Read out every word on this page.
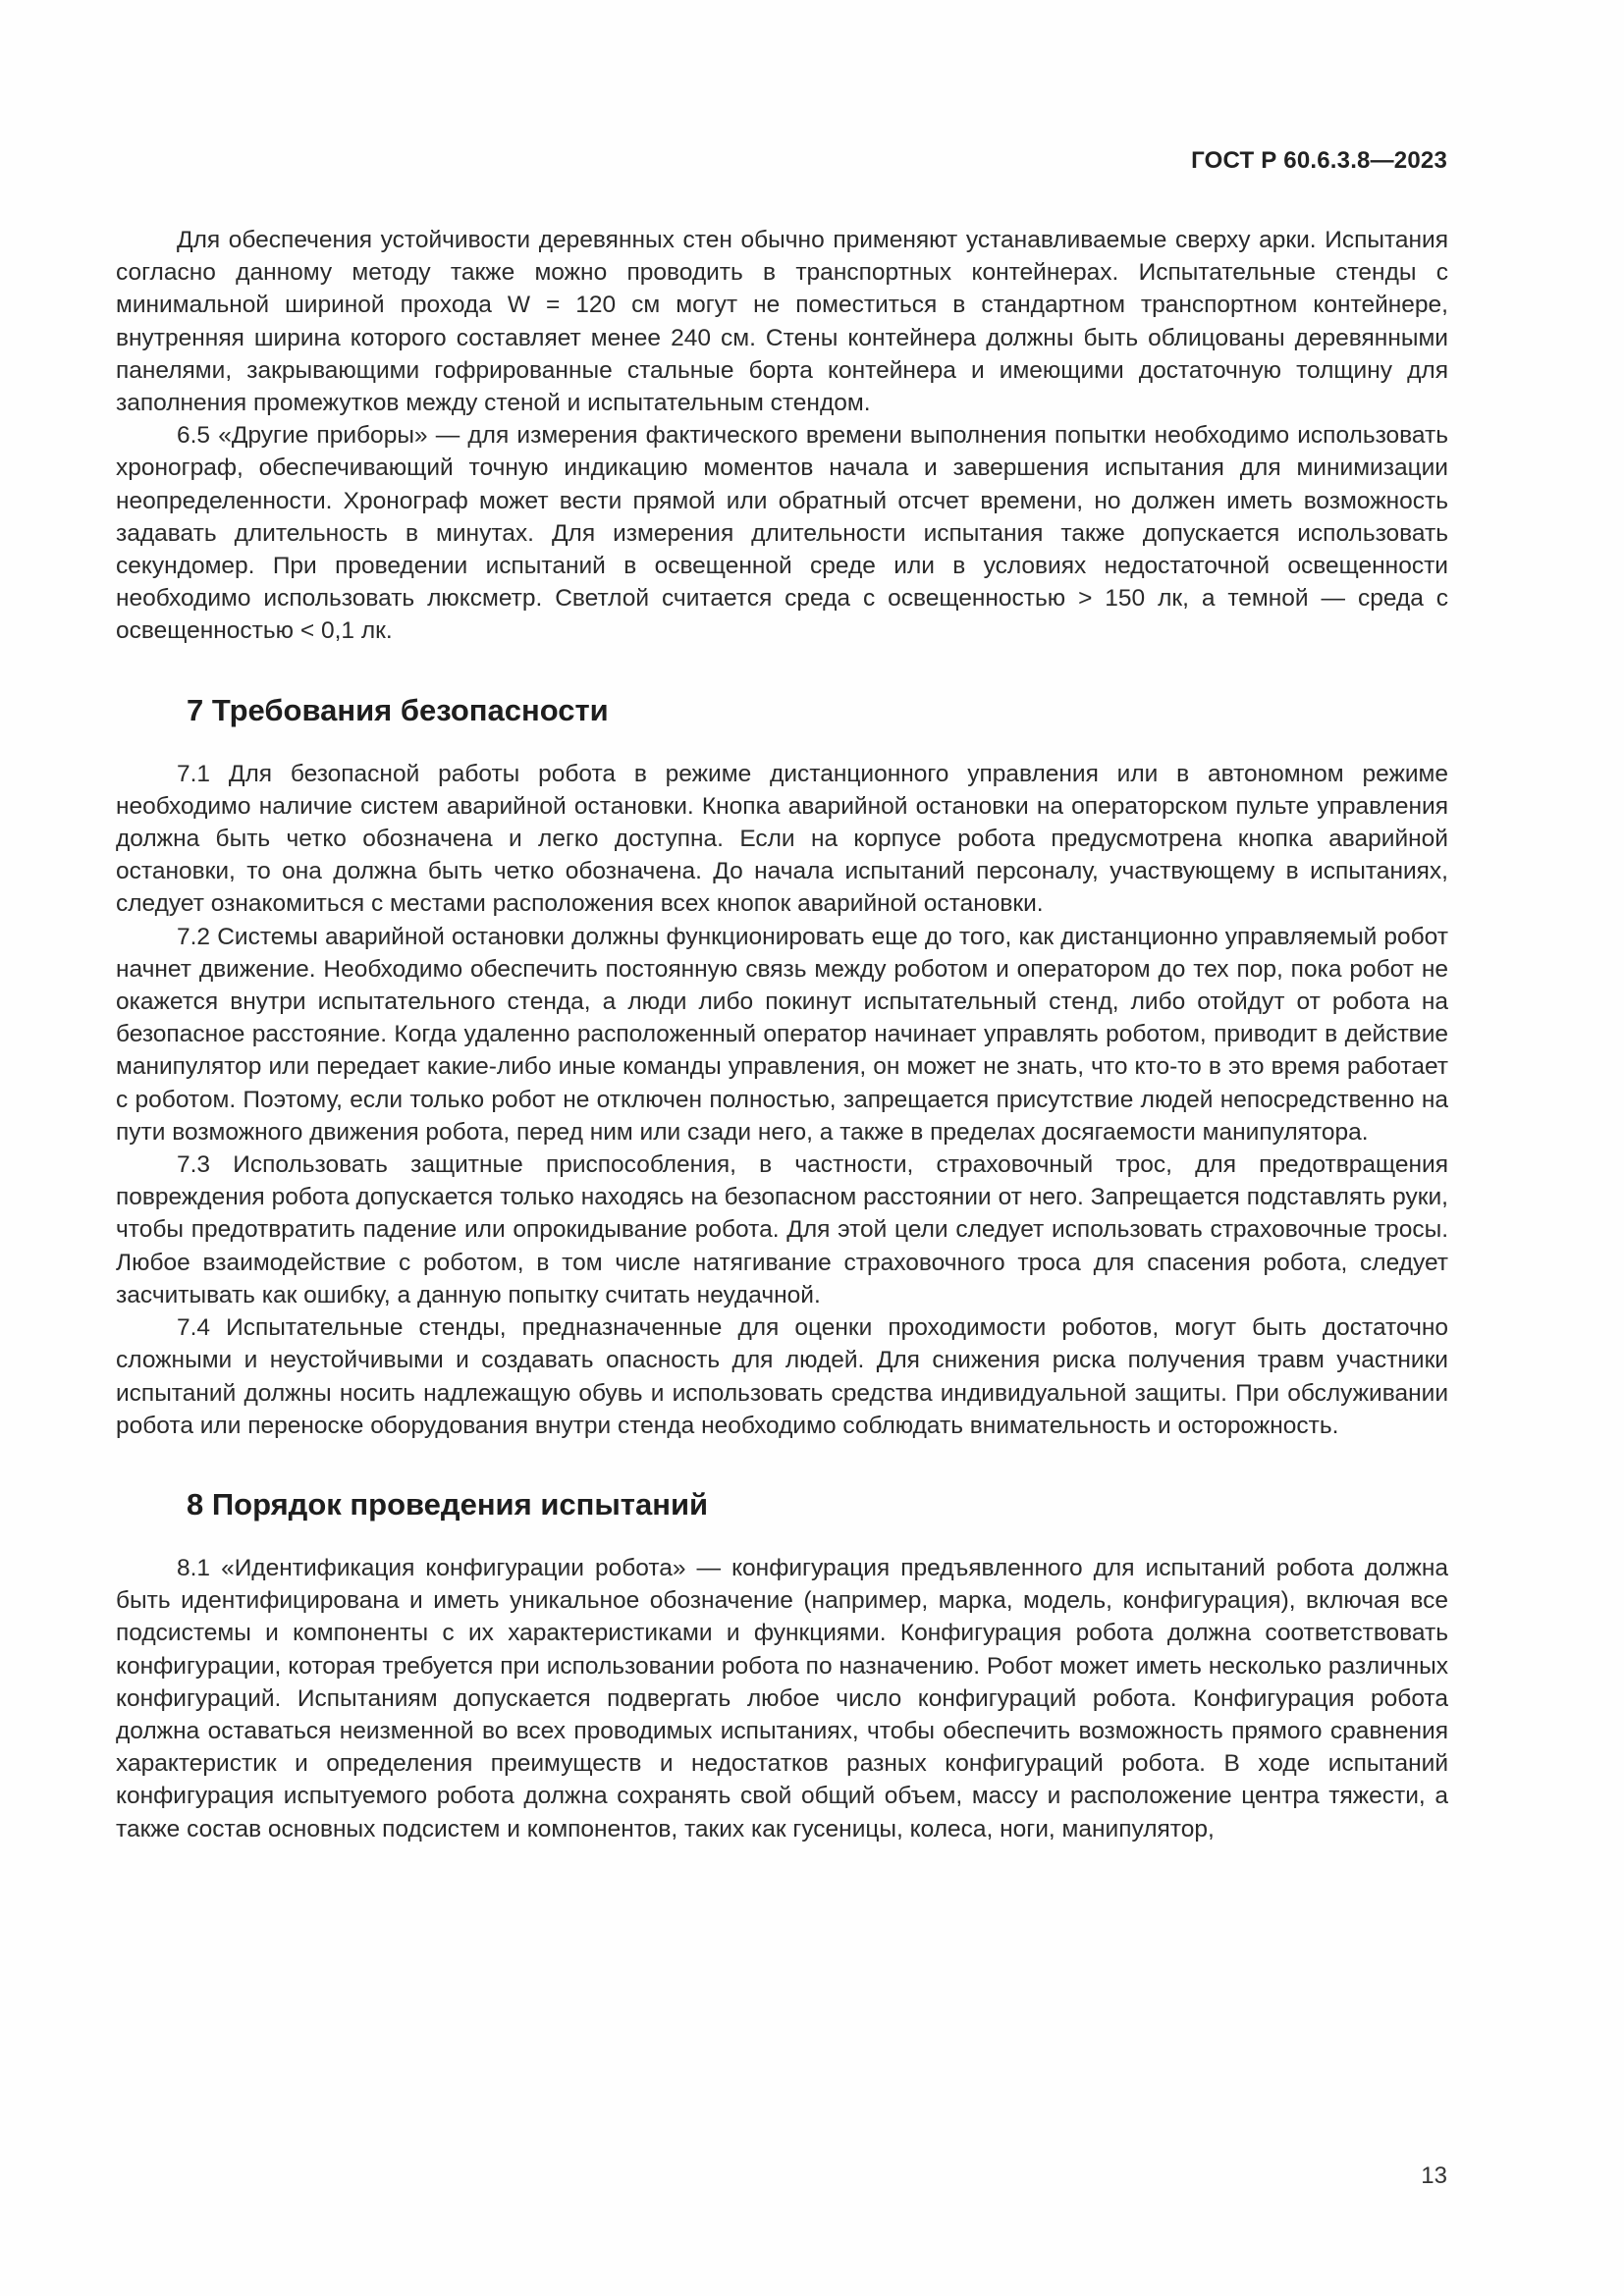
ГОСТ Р 60.6.3.8—2023

Для обеспечения устойчивости деревянных стен обычно применяют устанавливаемые сверху арки. Испытания согласно данному методу также можно проводить в транспортных контейнерах. Испытательные стенды с минимальной шириной прохода W = 120 см могут не поместиться в стандартном транспортном контейнере, внутренняя ширина которого составляет менее 240 см. Стены контейнера должны быть облицованы деревянными панелями, закрывающими гофрированные стальные борта контейнера и имеющими достаточную толщину для заполнения промежутков между стеной и испытательным стендом.

6.5 «Другие приборы» — для измерения фактического времени выполнения попытки необходимо использовать хронограф, обеспечивающий точную индикацию моментов начала и завершения испытания для минимизации неопределенности. Хронограф может вести прямой или обратный отсчет времени, но должен иметь возможность задавать длительность в минутах. Для измерения длительности испытания также допускается использовать секундомер. При проведении испытаний в освещенной среде или в условиях недостаточной освещенности необходимо использовать люксметр. Светлой считается среда с освещенностью > 150 лк, а темной — среда с освещенностью < 0,1 лк.

7 Требования безопасности

7.1 Для безопасной работы робота в режиме дистанционного управления или в автономном режиме необходимо наличие систем аварийной остановки. Кнопка аварийной остановки на операторском пульте управления должна быть четко обозначена и легко доступна. Если на корпусе робота предусмотрена кнопка аварийной остановки, то она должна быть четко обозначена. До начала испытаний персоналу, участвующему в испытаниях, следует ознакомиться с местами расположения всех кнопок аварийной остановки.

7.2 Системы аварийной остановки должны функционировать еще до того, как дистанционно управляемый робот начнет движение. Необходимо обеспечить постоянную связь между роботом и оператором до тех пор, пока робот не окажется внутри испытательного стенда, а люди либо покинут испытательный стенд, либо отойдут от робота на безопасное расстояние. Когда удаленно расположенный оператор начинает управлять роботом, приводит в действие манипулятор или передает какие-либо иные команды управления, он может не знать, что кто-то в это время работает с роботом. Поэтому, если только робот не отключен полностью, запрещается присутствие людей непосредственно на пути возможного движения робота, перед ним или сзади него, а также в пределах досягаемости манипулятора.

7.3 Использовать защитные приспособления, в частности, страховочный трос, для предотвращения повреждения робота допускается только находясь на безопасном расстоянии от него. Запрещается подставлять руки, чтобы предотвратить падение или опрокидывание робота. Для этой цели следует использовать страховочные тросы. Любое взаимодействие с роботом, в том числе натягивание страховочного троса для спасения робота, следует засчитывать как ошибку, а данную попытку считать неудачной.

7.4 Испытательные стенды, предназначенные для оценки проходимости роботов, могут быть достаточно сложными и неустойчивыми и создавать опасность для людей. Для снижения риска получения травм участники испытаний должны носить надлежащую обувь и использовать средства индивидуальной защиты. При обслуживании робота или переноске оборудования внутри стенда необходимо соблюдать внимательность и осторожность.

8 Порядок проведения испытаний

8.1 «Идентификация конфигурации робота» — конфигурация предъявленного для испытаний робота должна быть идентифицирована и иметь уникальное обозначение (например, марка, модель, конфигурация), включая все подсистемы и компоненты с их характеристиками и функциями. Конфигурация робота должна соответствовать конфигурации, которая требуется при использовании робота по назначению. Робот может иметь несколько различных конфигураций. Испытаниям допускается подвергать любое число конфигураций робота. Конфигурация робота должна оставаться неизменной во всех проводимых испытаниях, чтобы обеспечить возможность прямого сравнения характеристик и определения преимуществ и недостатков разных конфигураций робота. В ходе испытаний конфигурация испытуемого робота должна сохранять свой общий объем, массу и расположение центра тяжести, а также состав основных подсистем и компонентов, таких как гусеницы, колеса, ноги, манипулятор,

13
